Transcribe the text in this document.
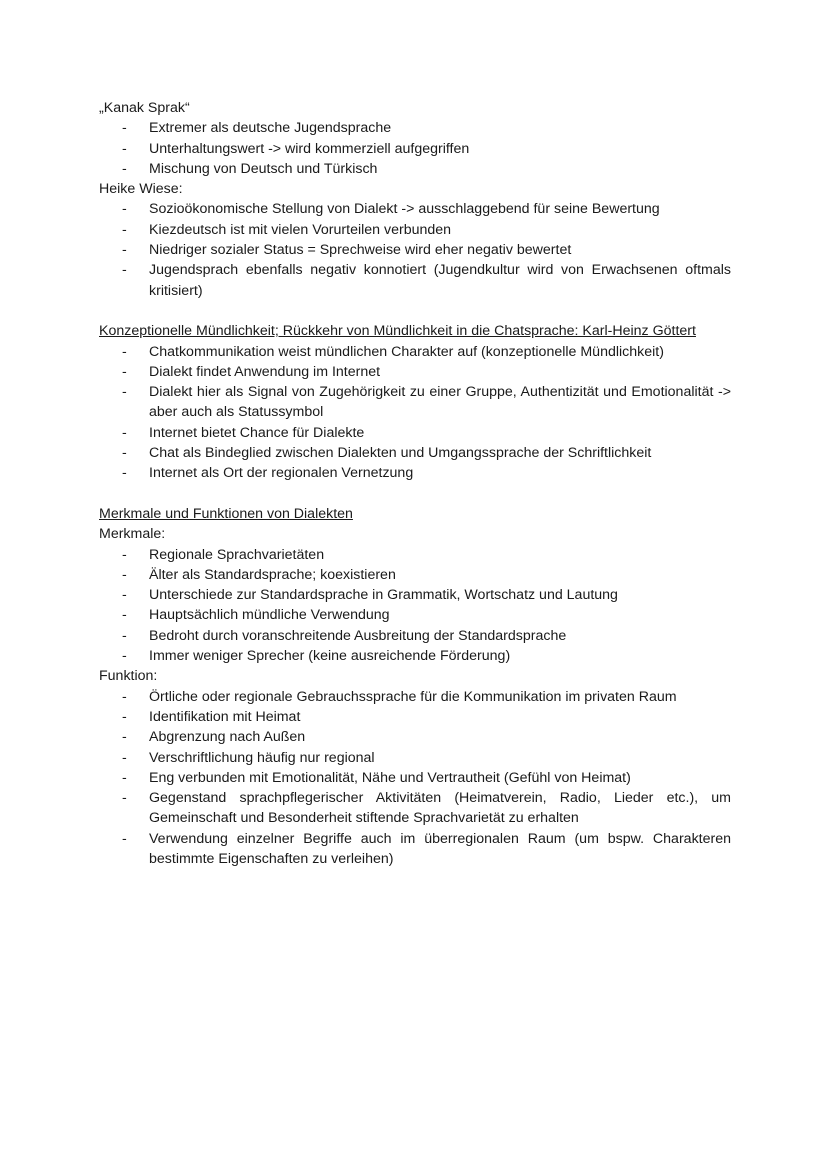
„Kanak Sprak“
- Extremer als deutsche Jugendsprache
- Unterhaltungswert -> wird kommerziell aufgegriffen
- Mischung von Deutsch und Türkisch
Heike Wiese:
- Sozioökonomische Stellung von Dialekt -> ausschlaggebend für seine Bewertung
- Kiezdeutsch ist mit vielen Vorurteilen verbunden
- Niedriger sozialer Status = Sprechweise wird eher negativ bewertet
- Jugendsprach ebenfalls negativ konnotiert (Jugendkultur wird von Erwachsenen oftmals kritisiert)
Konzeptionelle Mündlichkeit; Rückkehr von Mündlichkeit in die Chatsprache: Karl-Heinz Göttert
- Chatkommunikation weist mündlichen Charakter auf (konzeptionelle Mündlichkeit)
- Dialekt findet Anwendung im Internet
- Dialekt hier als Signal von Zugehörigkeit zu einer Gruppe, Authentizität und Emotionalität -> aber auch als Statussymbol
- Internet bietet Chance für Dialekte
- Chat als Bindeglied zwischen Dialekten und Umgangssprache der Schriftlichkeit
- Internet als Ort der regionalen Vernetzung
Merkmale und Funktionen von Dialekten
Merkmale:
- Regionale Sprachvarietäten
- Älter als Standardsprache; koexistieren
- Unterschiede zur Standardsprache in Grammatik, Wortschatz und Lautung
- Hauptsächlich mündliche Verwendung
- Bedroht durch voranschreitende Ausbreitung der Standardsprache
- Immer weniger Sprecher (keine ausreichende Förderung)
Funktion:
- Örtliche oder regionale Gebrauchssprache für die Kommunikation im privaten Raum
- Identifikation mit Heimat
- Abgrenzung nach Außen
- Verschriftlichung häufig nur regional
- Eng verbunden mit Emotionalität, Nähe und Vertrautheit (Gefühl von Heimat)
- Gegenstand sprachpflegerischer Aktivitäten (Heimatverein, Radio, Lieder etc.), um Gemeinschaft und Besonderheit stiftende Sprachvarietät zu erhalten
- Verwendung einzelner Begriffe auch im überregionalen Raum (um bspw. Charakteren bestimmte Eigenschaften zu verleihen)
